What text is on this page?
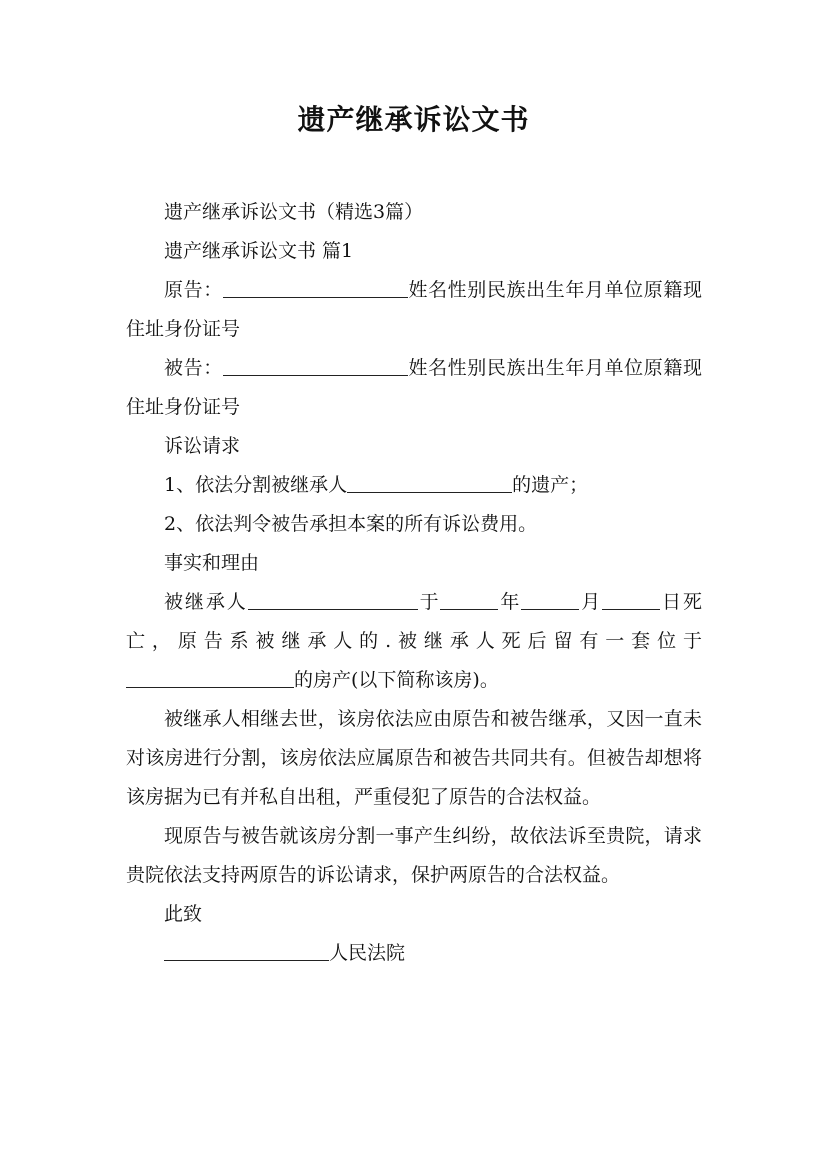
遗产继承诉讼文书

遗产继承诉讼文书（精选3篇）

遗产继承诉讼文书 篇1

原告：	姓名性别民族出生年月单位原籍现住址身份证号

被告：	姓名性别民族出生年月单位原籍现住址身份证号

诉讼请求

1、依法分割被继承人	的遗产；

2、依法判令被告承担本案的所有诉讼费用。

事实和理由

被继承人	于	年	月	日死亡，原告系被继承人的.被继承人死后留有一套位于的房产(以下简称该房)。

被继承人相继去世，该房依法应由原告和被告继承，又因一直未对该房进行分割，该房依法应属原告和被告共同共有。但被告却想将该房据为已有并私自出租，严重侵犯了原告的合法权益。

现原告与被告就该房分割一事产生纠纷，故依法诉至贵院，请求贵院依法支持两原告的诉讼请求，保护两原告的合法权益。

此致

人民法院
